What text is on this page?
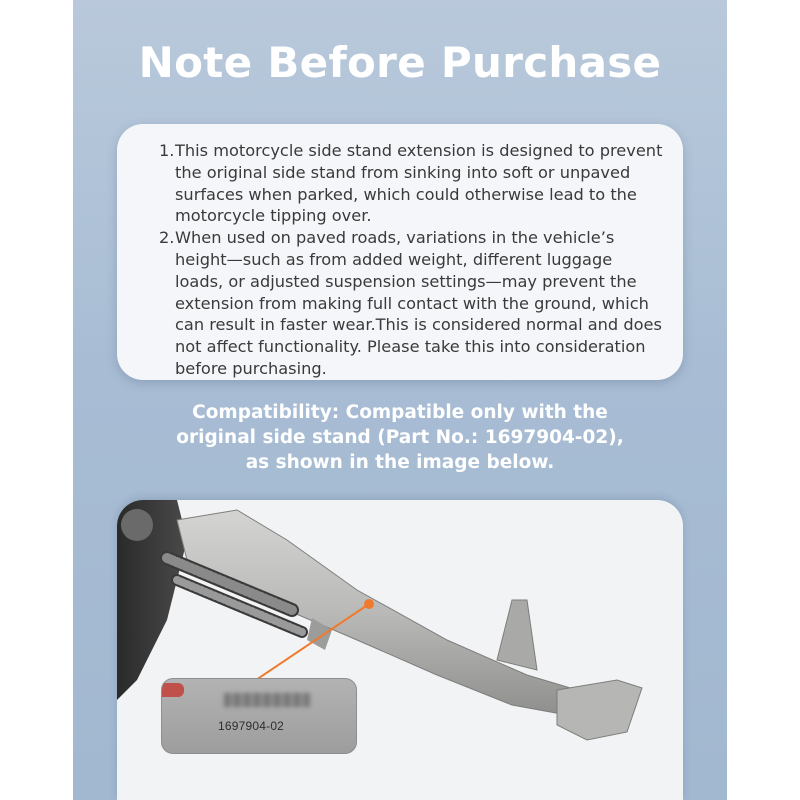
Note Before Purchase
1. This motorcycle side stand extension is designed to prevent the original side stand from sinking into soft or unpaved surfaces when parked, which could otherwise lead to the motorcycle tipping over.
2. When used on paved roads, variations in the vehicle’s height—such as from added weight, different luggage loads, or adjusted suspension settings—may prevent the extension from making full contact with the ground, which can result in faster wear.This is considered normal and does not affect functionality. Please take this into consideration before purchasing.
Compatibility: Compatible only with the
original side stand (Part No.: 1697904-02),
as shown in the image below.
1697904-02
